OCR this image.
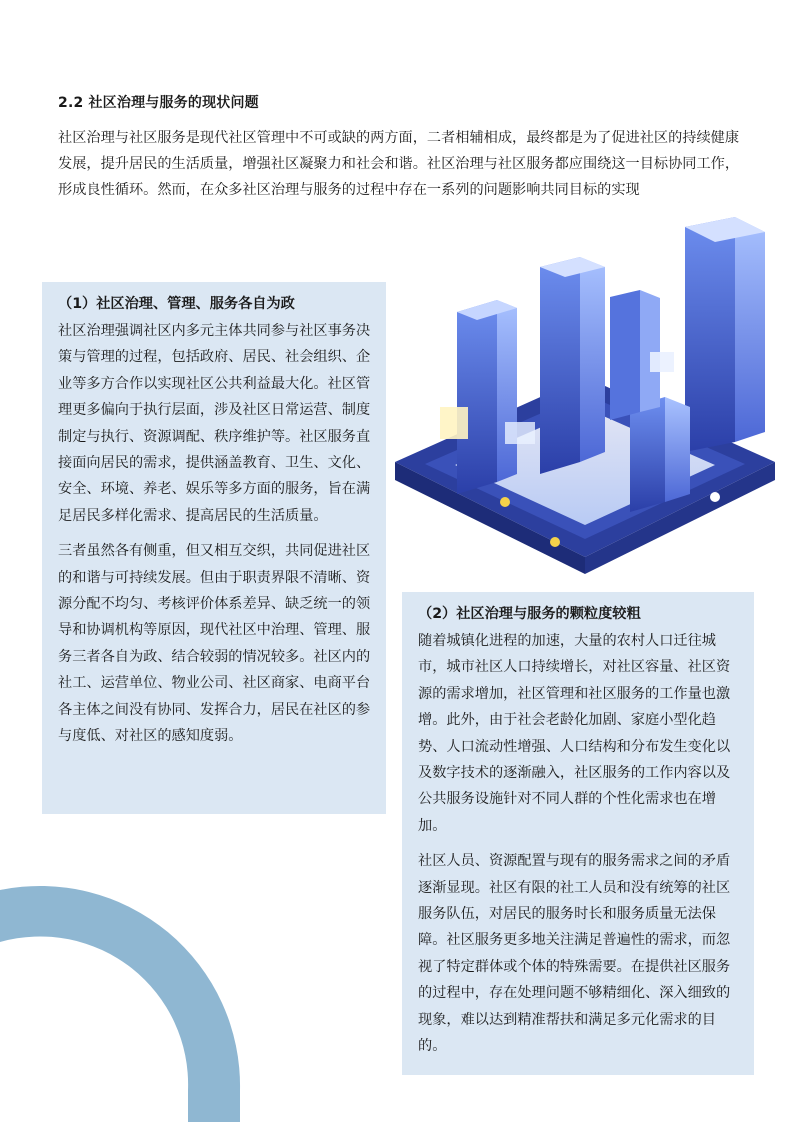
2.2 社区治理与服务的现状问题

社区治理与社区服务是现代社区管理中不可或缺的两方面，二者相辅相成，最终都是为了促进社区的持续健康发展，提升居民的生活质量，增强社区凝聚力和社会和谐。社区治理与社区服务都应围绕这一目标协同工作，形成良性循环。然而，在众多社区治理与服务的过程中存在一系列的问题影响共同目标的实现

（1）社区治理、管理、服务各自为政

社区治理强调社区内多元主体共同参与社区事务决策与管理的过程，包括政府、居民、社会组织、企业等多方合作以实现社区公共利益最大化。社区管理更多偏向于执行层面，涉及社区日常运营、制度制定与执行、资源调配、秩序维护等。社区服务直接面向居民的需求，提供涵盖教育、卫生、文化、安全、环境、养老、娱乐等多方面的服务，旨在满足居民多样化需求、提高居民的生活质量。

三者虽然各有侧重，但又相互交织，共同促进社区的和谐与可持续发展。但由于职责界限不清晰、资源分配不均匀、考核评价体系差异、缺乏统一的领导和协调机构等原因，现代社区中治理、管理、服务三者各自为政、结合较弱的情况较多。社区内的社工、运营单位、物业公司、社区商家、电商平台各主体之间没有协同、发挥合力，居民在社区的参与度低、对社区的感知度弱。

（2）社区治理与服务的颗粒度较粗

随着城镇化进程的加速，大量的农村人口迁往城市，城市社区人口持续增长，对社区容量、社区资源的需求增加，社区管理和社区服务的工作量也激增。此外，由于社会老龄化加剧、家庭小型化趋势、人口流动性增强、人口结构和分布发生变化以及数字技术的逐渐融入，社区服务的工作内容以及公共服务设施针对不同人群的个性化需求也在增加。

社区人员、资源配置与现有的服务需求之间的矛盾逐渐显现。社区有限的社工人员和没有统筹的社区服务队伍，对居民的服务时长和服务质量无法保障。社区服务更多地关注满足普遍性的需求，而忽视了特定群体或个体的特殊需要。在提供社区服务的过程中，存在处理问题不够精细化、深入细致的现象，难以达到精准帮扶和满足多元化需求的目的。
